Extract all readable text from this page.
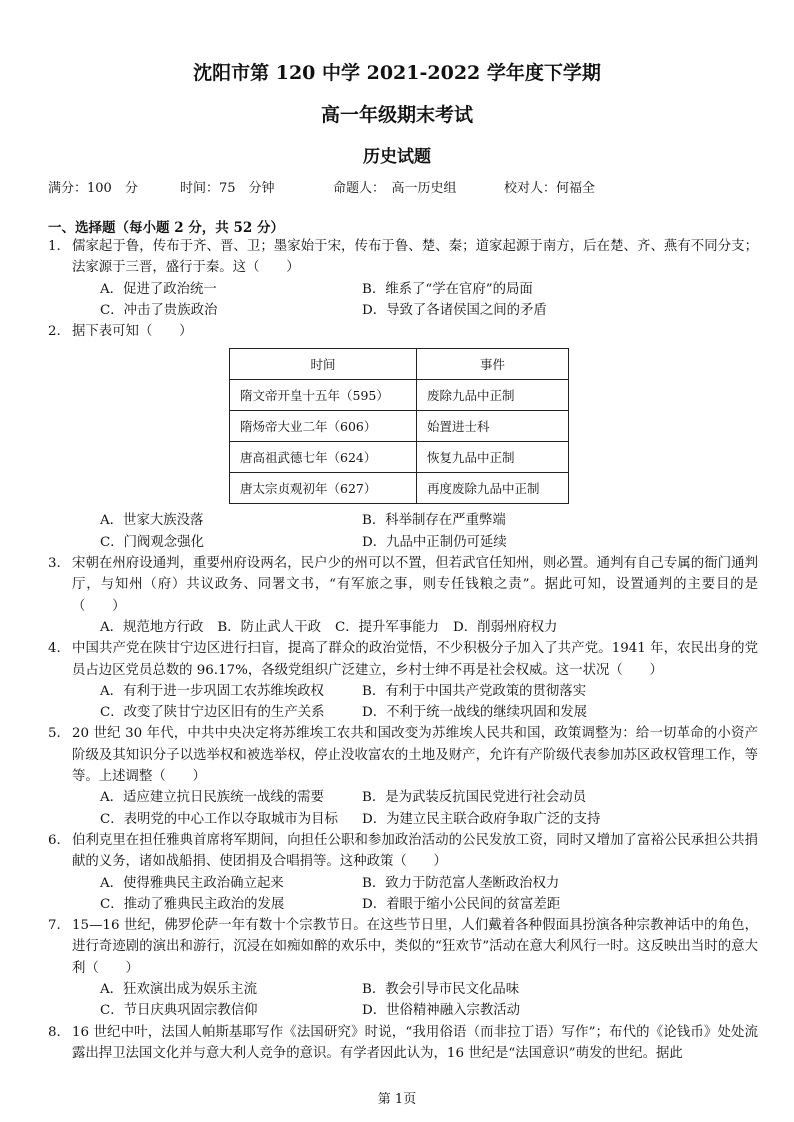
沈阳市第 120 中学 2021-2022 学年度下学期
高一年级期末考试
历史试题
满分：100　分	时间：75　分钟	命题人：　高一历史组	校对人：何福全
一、选择题（每小题 2 分，共 52 分）
1. 儒家起于鲁，传布于齐、晋、卫；墨家始于宋，传布于鲁、楚、秦；道家起源于南方，后在楚、齐、燕有不同分支；法家源于三晋，盛行于秦。这（　　）
A．促进了政治统一	B．维系了“学在官府”的局面
C．冲击了贵族政治	D．导致了各诸侯国之间的矛盾
2. 据下表可知（　　）
时间	事件
隋文帝开皇十五年（595）	废除九品中正制
隋炀帝大业二年（606）	始置进士科
唐高祖武德七年（624）	恢复九品中正制
唐太宗贞观初年（627）	再度废除九品中正制
A．世家大族没落	B．科举制存在严重弊端
C．门阀观念强化	D．九品中正制仍可延续
3. 宋朝在州府设通判，重要州府设两名，民户少的州可以不置，但若武官任知州，则必置。通判有自己专属的衙门通判厅，与知州（府）共议政务、同署文书，“有军旅之事，则专任钱粮之责”。据此可知，设置通判的主要目的是（　　）
A．规范地方行政 B．防止武人干政 C．提升军事能力 D．削弱州府权力
4. 中国共产党在陕甘宁边区进行扫盲，提高了群众的政治觉悟，不少积极分子加入了共产党。1941 年，农民出身的党员占边区党员总数的 96.17%，各级党组织广泛建立，乡村士绅不再是社会权威。这一状况（　　）
A．有利于进一步巩固工农苏维埃政权	B．有利于中国共产党政策的贯彻落实
C．改变了陕甘宁边区旧有的生产关系	D．不利于统一战线的继续巩固和发展
5. 20 世纪 30 年代，中共中央决定将苏维埃工农共和国改变为苏维埃人民共和国，政策调整为：给一切革命的小资产阶级及其知识分子以选举权和被选举权，停止没收富农的土地及财产，允许有产阶级代表参加苏区政权管理工作，等等。上述调整（　　）
A．适应建立抗日民族统一战线的需要	B．是为武装反抗国民党进行社会动员
C．表明党的中心工作以夺取城市为目标	D．为建立民主联合政府争取广泛的支持
6. 伯利克里在担任雅典首席将军期间，向担任公职和参加政治活动的公民发放工资，同时又增加了富裕公民承担公共捐献的义务，诸如战船捐、使团捐及合唱捐等。这种政策（　　）
A．使得雅典民主政治确立起来	B．致力于防范富人垄断政治权力
C．推动了雅典民主政治的发展	D．着眼于缩小公民间的贫富差距
7. 15—16 世纪，佛罗伦萨一年有数十个宗教节日。在这些节日里，人们戴着各种假面具扮演各种宗教神话中的角色，进行奇迹剧的演出和游行，沉浸在如痴如醉的欢乐中，类似的“狂欢节”活动在意大利风行一时。这反映出当时的意大利（　　）
A．狂欢演出成为娱乐主流	B．教会引导市民文化品味
C．节日庆典巩固宗教信仰	D．世俗精神融入宗教活动
8. 16 世纪中叶，法国人帕斯基耶写作《法国研究》时说，“我用俗语（而非拉丁语）写作”；布代的《论钱币》处处流露出捍卫法国文化并与意大利人竞争的意识。有学者因此认为，16 世纪是“法国意识”萌发的世纪。据此
第 1页
